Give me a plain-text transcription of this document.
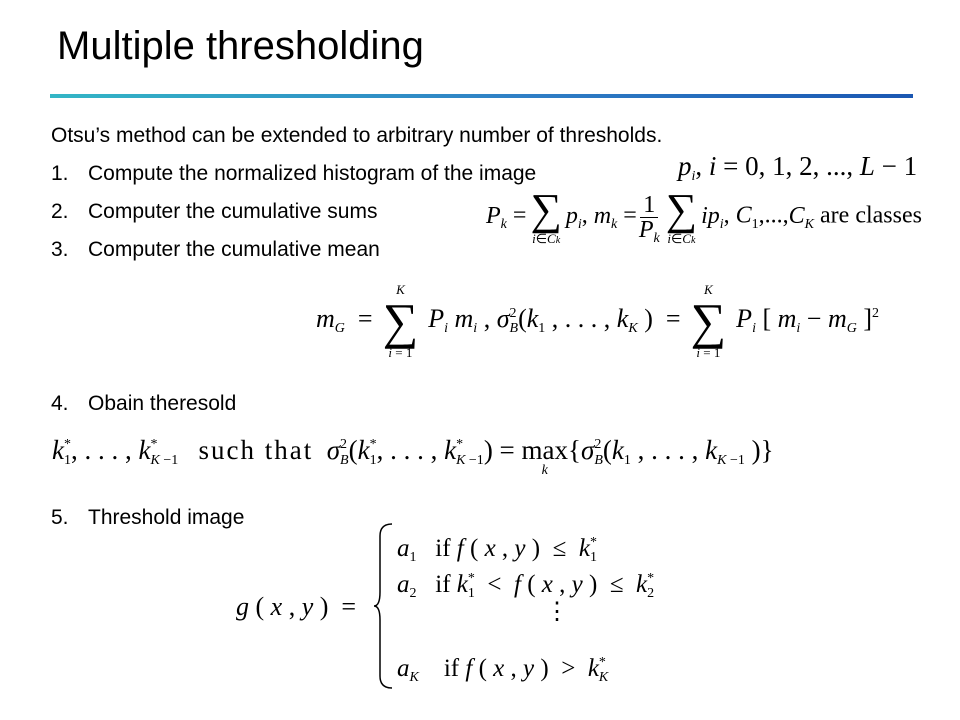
Multiple thresholding
Otsu’s method can be extended to arbitrary number of thresholds.
1. Compute the normalized histogram of the image
2. Computer the cumulative sums
3. Computer the cumulative mean
4. Obain theresold
5. Threshold image
pi, i = 0, 1, 2, ..., L − 1
$P_k$ = ∑
i∈Ck
$p_i$, $m_k = \frac{1}{P_k}$ ∑
i∈Ck
$ip_i$, $C_1,...,C_K$ are classes
mG  =
K
∑
i = 1
Pi mi , σ 2
B (k1 , . . . , kK )  =
K
∑
i = 1
Pi [ mi − mG ]$^2$
k *
1 , . . . , k *
K −1 such that σ 2
B (k *
1 , . . . , k *
K −1 ) = max
k
{σ 2
B (k1 , . . . , kK −1 )}
g ( x , y )  =
$a_1$ if f ( x , y )  ≤  k *
1
$a_2$ if k *
1 <  f ( x , y )  ≤  k *
2
⋮
$a_K$ if f ( x , y )  >  k *
K
